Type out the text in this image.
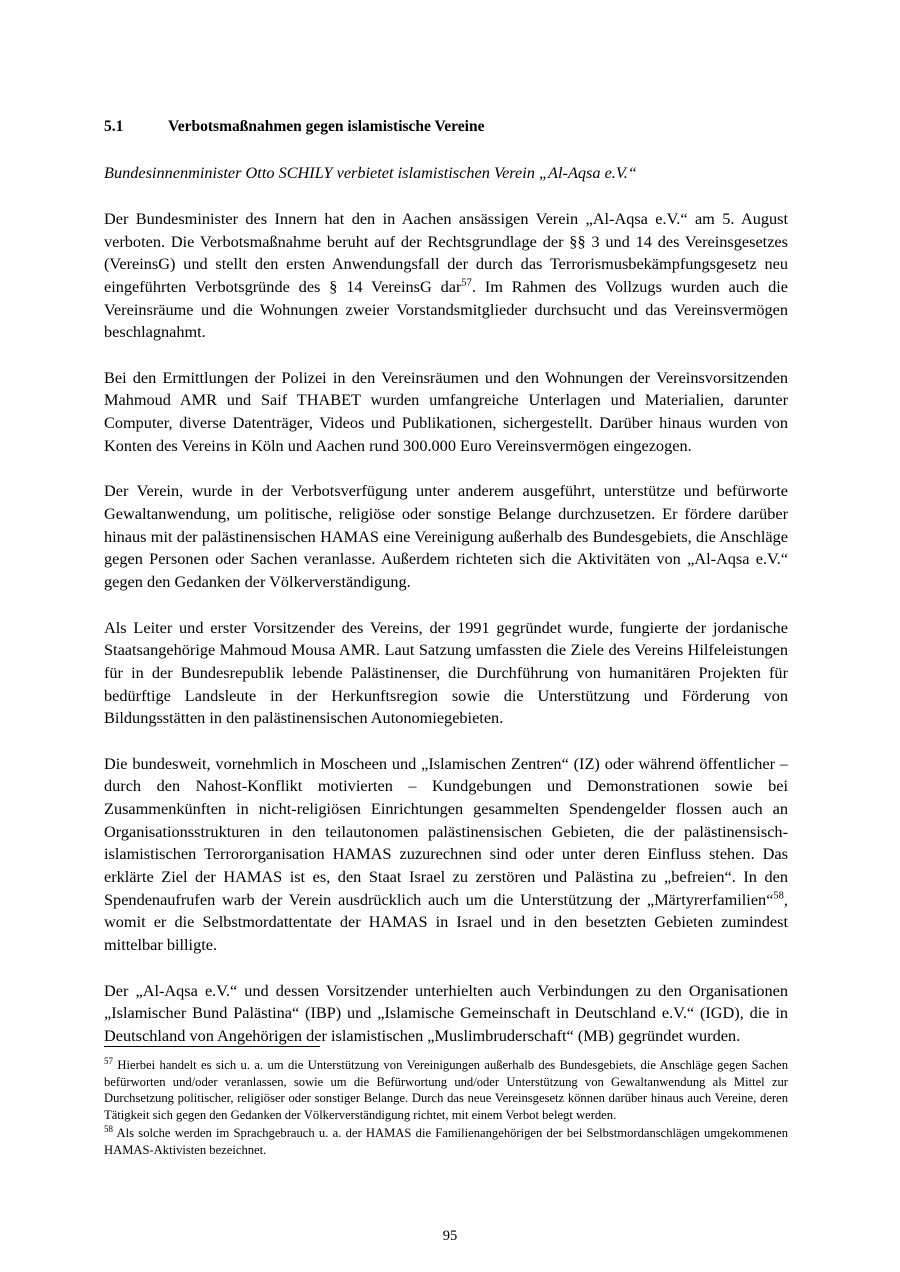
5.1	Verbotsmaßnahmen gegen islamistische Vereine
Bundesinnenminister Otto SCHILY verbietet islamistischen Verein „Al-Aqsa e.V.“

Der Bundesminister des Innern hat den in Aachen ansässigen Verein „Al-Aqsa e.V.“ am 5. August verboten. Die Verbotsmaßnahme beruht auf der Rechtsgrundlage der §§ 3 und 14 des Vereinsgesetzes (VereinsG) und stellt den ersten Anwendungsfall der durch das Terrorismusbekämpfungsgesetz neu eingeführten Verbotsgründe des § 14 VereinsG dar$^{57}$. Im Rahmen des Vollzugs wurden auch die Vereinsräume und die Wohnungen zweier Vorstandsmitglieder durchsucht und das Vereinsvermögen beschlagnahmt.

Bei den Ermittlungen der Polizei in den Vereinsräumen und den Wohnungen der Vereinsvorsitzenden Mahmoud AMR und Saif THABET wurden umfangreiche Unterlagen und Materialien, darunter Computer, diverse Datenträger, Videos und Publikationen, sichergestellt. Darüber hinaus wurden von Konten des Vereins in Köln und Aachen rund 300.000 Euro Vereinsvermögen eingezogen.

Der Verein, wurde in der Verbotsverfügung unter anderem ausgeführt, unterstütze und befürworte Gewaltanwendung, um politische, religiöse oder sonstige Belange durchzusetzen. Er fördere darüber hinaus mit der palästinensischen HAMAS eine Vereinigung außerhalb des Bundesgebiets, die Anschläge gegen Personen oder Sachen veranlasse. Außerdem richteten sich die Aktivitäten von „Al-Aqsa e.V.“ gegen den Gedanken der Völkerverständigung.

Als Leiter und erster Vorsitzender des Vereins, der 1991 gegründet wurde, fungierte der jordanische Staatsangehörige Mahmoud Mousa AMR. Laut Satzung umfassten die Ziele des Vereins Hilfeleistungen für in der Bundesrepublik lebende Palästinenser, die Durchführung von humanitären Projekten für bedürftige Landsleute in der Herkunftsregion sowie die Unterstützung und Förderung von Bildungsstätten in den palästinensischen Autonomiegebieten.

Die bundesweit, vornehmlich in Moscheen und „Islamischen Zentren“ (IZ) oder während öffentlicher – durch den Nahost-Konflikt motivierten – Kundgebungen und Demonstrationen sowie bei Zusammenkünften in nicht-religiösen Einrichtungen gesammelten Spendengelder flossen auch an Organisationsstrukturen in den teilautonomen palästinensischen Gebieten, die der palästinensisch-islamistischen Terrororganisation HAMAS zuzurechnen sind oder unter deren Einfluss stehen. Das erklärte Ziel der HAMAS ist es, den Staat Israel zu zerstören und Palästina zu „befreien“. In den Spendenaufrufen warb der Verein ausdrücklich auch um die Unterstützung der „Märtyrerfamilien“$^{58}$, womit er die Selbstmordattentate der HAMAS in Israel und in den besetzten Gebieten zumindest mittelbar billigte.

Der „Al-Aqsa e.V.“ und dessen Vorsitzender unterhielten auch Verbindungen zu den Organisationen „Islamischer Bund Palästina“ (IBP) und „Islamische Gemeinschaft in Deutschland e.V.“ (IGD), die in Deutschland von Angehörigen der islamistischen „Muslimbruderschaft“ (MB) gegründet wurden.

$^{57}$ Hierbei handelt es sich u. a. um die Unterstützung von Vereinigungen außerhalb des Bundesgebiets, die Anschläge gegen Sachen befürworten und/oder veranlassen, sowie um die Befürwortung und/oder Unterstützung von Gewaltanwendung als Mittel zur Durchsetzung politischer, religiöser oder sonstiger Belange. Durch das neue Vereinsgesetz können darüber hinaus auch Vereine, deren Tätigkeit sich gegen den Gedanken der Völkerverständigung richtet, mit einem Verbot belegt werden.

$^{58}$ Als solche werden im Sprachgebrauch u. a. der HAMAS die Familienangehörigen der bei Selbstmordanschlägen umgekommenen HAMAS-Aktivisten bezeichnet.

95
